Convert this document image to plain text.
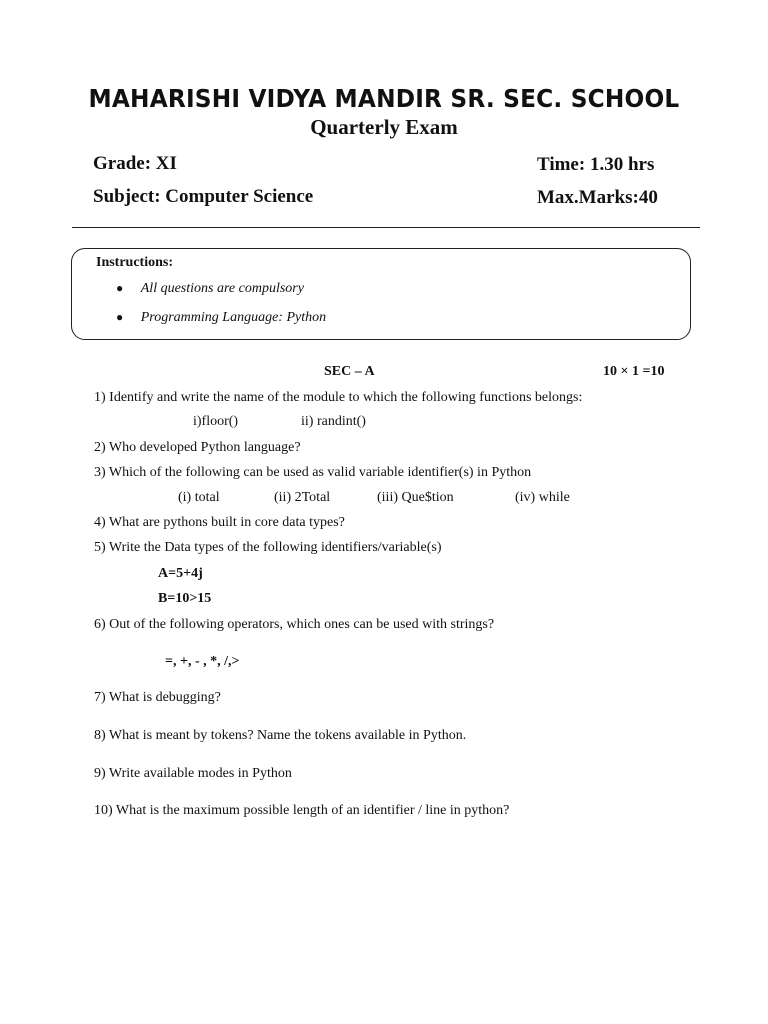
MAHARISHI VIDYA MANDIR SR. SEC. SCHOOL
Quarterly Exam
Grade: XI	Time: 1.30 hrs
Subject: Computer Science	Max.Marks:40
Instructions:
● All questions are compulsory
● Programming Language: Python
SEC – A	10 × 1 =10
1) Identify and write the name of the module to which the following functions belongs:
i)floor()	ii) randint()
2) Who developed Python language?
3) Which of the following can be used as valid variable identifier(s) in Python
(i) total	(ii) 2Total	(iii) Que$tion	(iv) while
4) What are pythons built in core data types?
5) Write the Data types of the following identifiers/variable(s)
A=5+4j
B=10>15
6) Out of the following operators, which ones can be used with strings?
=, +, - , *, /,>
7) What is debugging?
8) What is meant by tokens? Name the tokens available in Python.
9) Write available modes in Python
10) What is the maximum possible length of an identifier / line in python?
